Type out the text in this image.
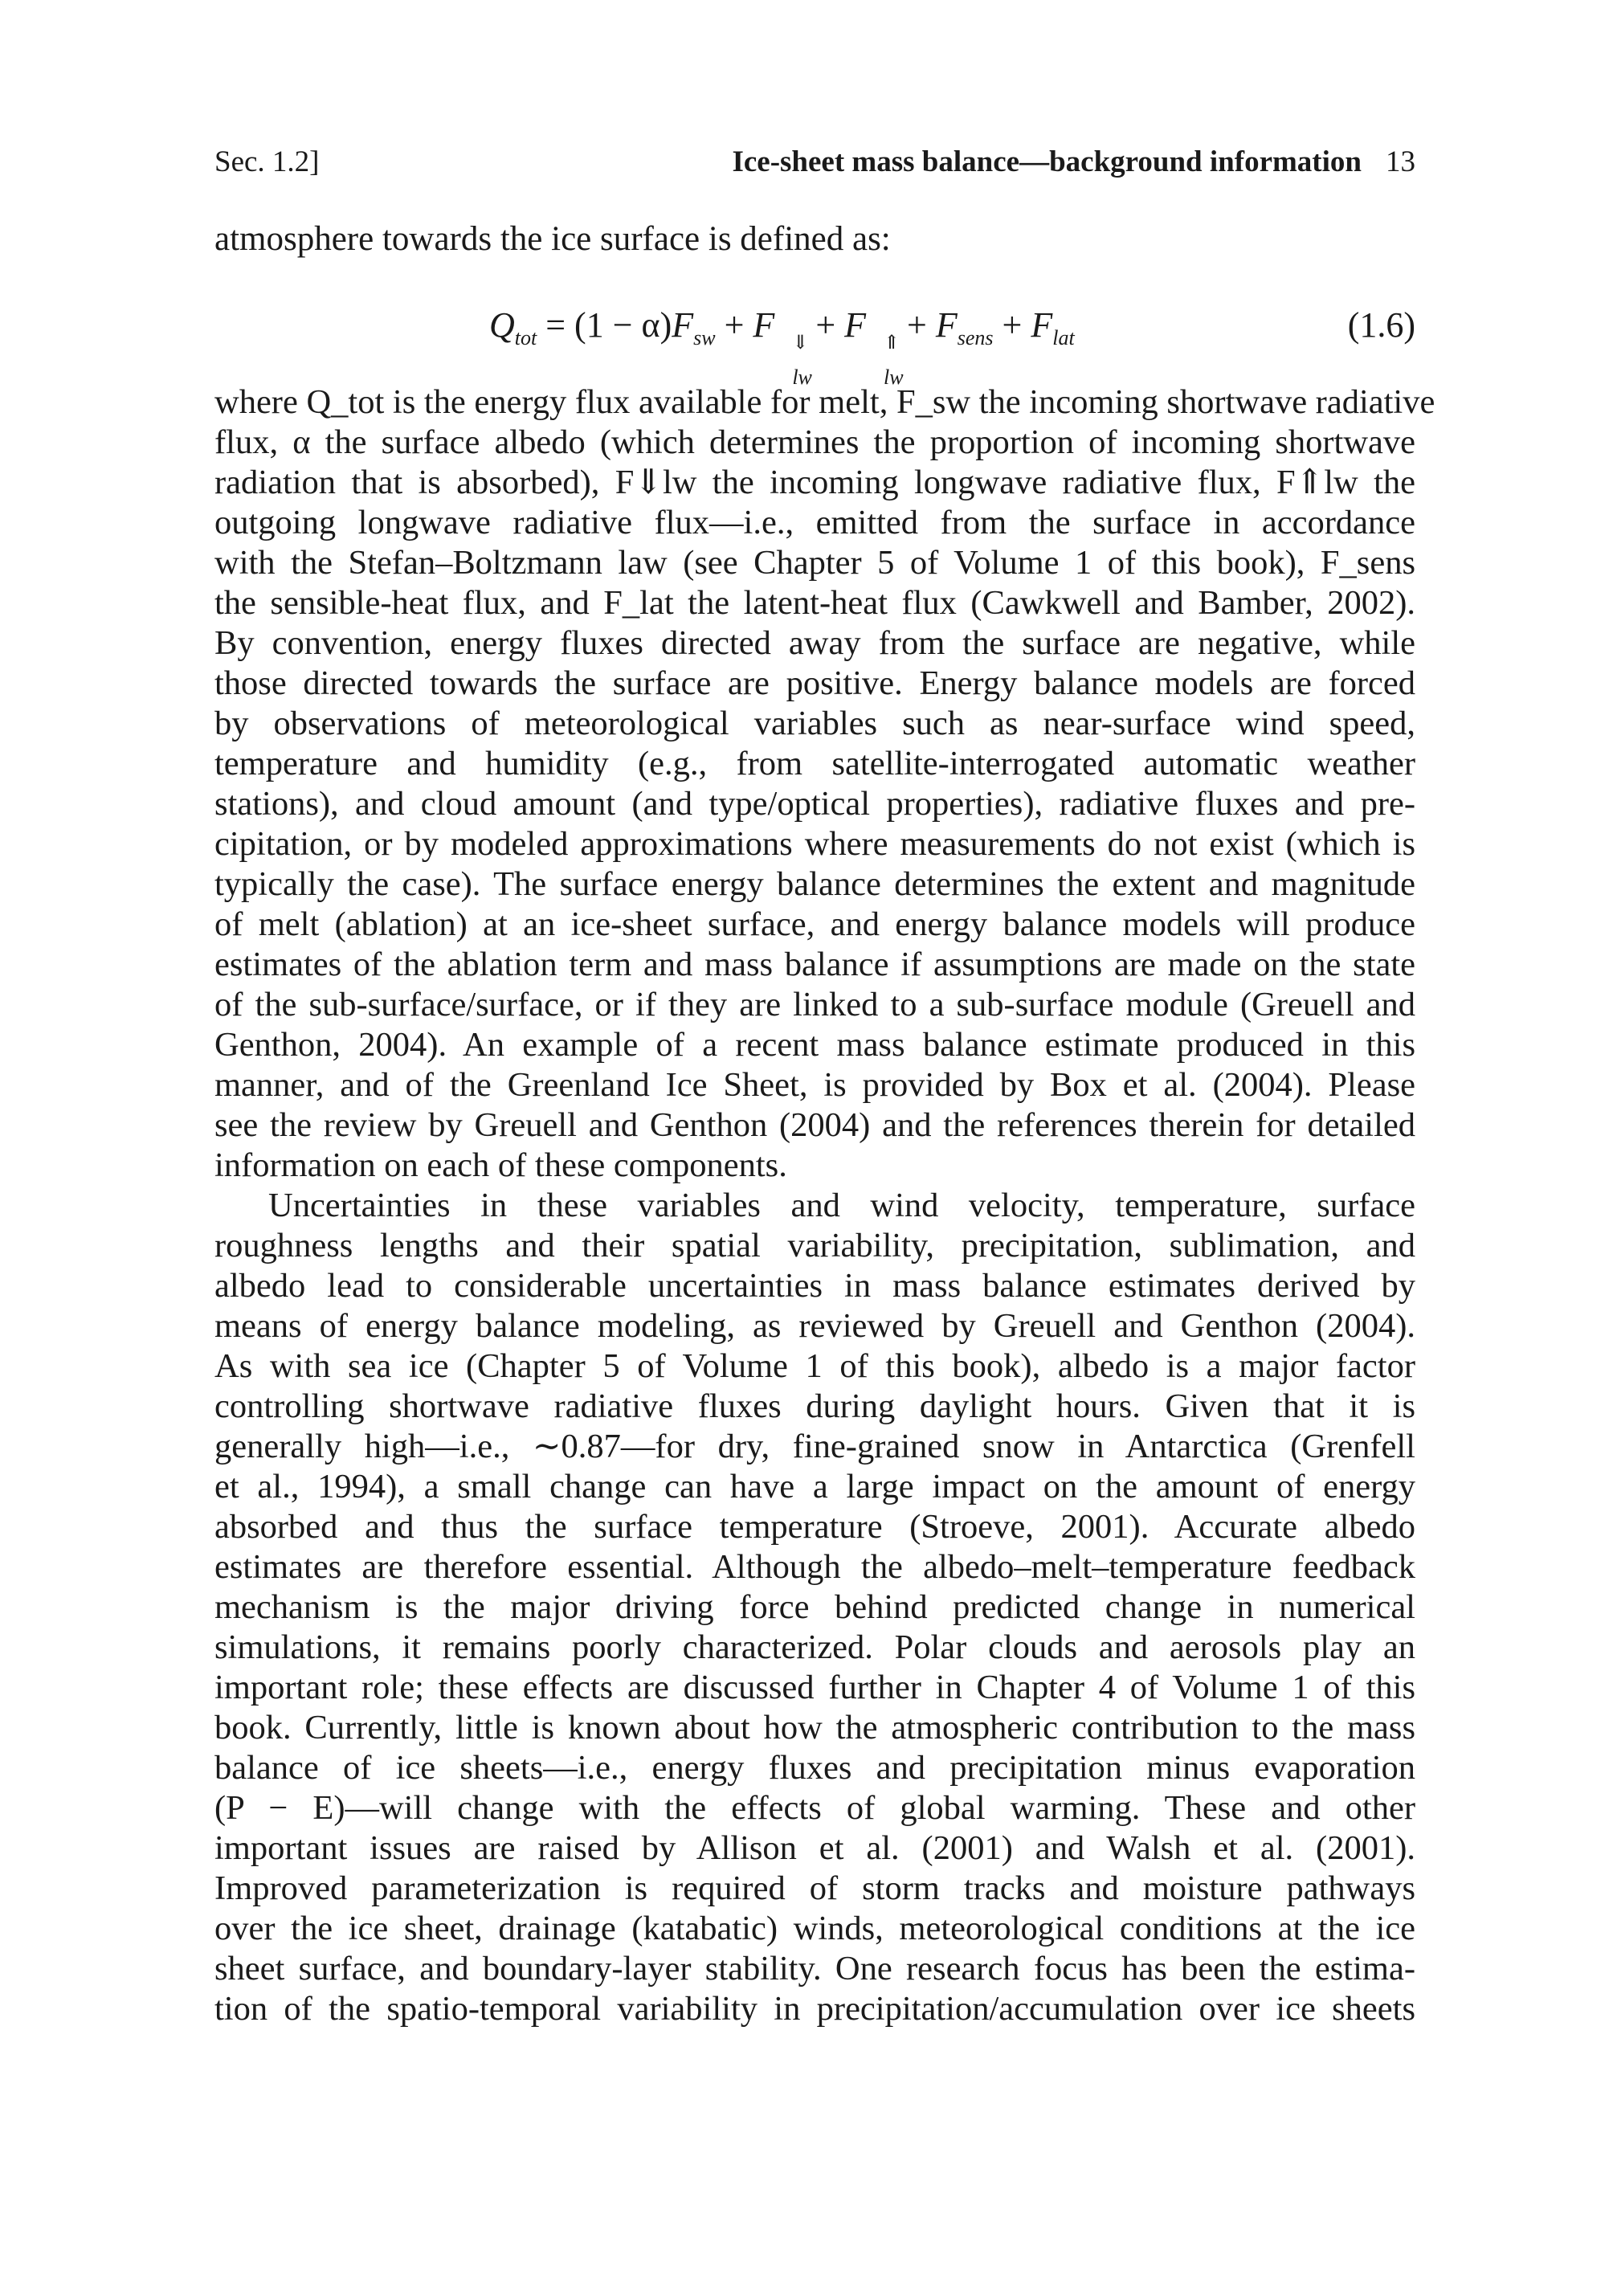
Sec. 1.2]	Ice-sheet mass balance—background information 13
atmosphere towards the ice surface is defined as:
$Q_{tot} = (1 - \alpha)F_{sw} + F$ ⇓
lw
+ F ⇑
lw
+ $F_{sens} + F_{lat}$	(1.6)
where Q_tot is the energy flux available for melt, F_sw the incoming shortwave radiative
flux, α the surface albedo (which determines the proportion of incoming shortwave
radiation that is absorbed), F⇓lw the incoming longwave radiative flux, F⇑lw the
outgoing longwave radiative flux—i.e., emitted from the surface in accordance
with the Stefan–Boltzmann law (see Chapter 5 of Volume 1 of this book), F_sens
the sensible-heat flux, and F_lat the latent-heat flux (Cawkwell and Bamber, 2002).
By convention, energy fluxes directed away from the surface are negative, while
those directed towards the surface are positive. Energy balance models are forced
by observations of meteorological variables such as near-surface wind speed,
temperature and humidity (e.g., from satellite-interrogated automatic weather
stations), and cloud amount (and type/optical properties), radiative fluxes and pre-
cipitation, or by modeled approximations where measurements do not exist (which is
typically the case). The surface energy balance determines the extent and magnitude
of melt (ablation) at an ice-sheet surface, and energy balance models will produce
estimates of the ablation term and mass balance if assumptions are made on the state
of the sub-surface/surface, or if they are linked to a sub-surface module (Greuell and
Genthon, 2004). An example of a recent mass balance estimate produced in this
manner, and of the Greenland Ice Sheet, is provided by Box et al. (2004). Please
see the review by Greuell and Genthon (2004) and the references therein for detailed
information on each of these components.
Uncertainties in these variables and wind velocity, temperature, surface
roughness lengths and their spatial variability, precipitation, sublimation, and
albedo lead to considerable uncertainties in mass balance estimates derived by
means of energy balance modeling, as reviewed by Greuell and Genthon (2004).
As with sea ice (Chapter 5 of Volume 1 of this book), albedo is a major factor
controlling shortwave radiative fluxes during daylight hours. Given that it is
generally high—i.e., ∼0.87—for dry, fine-grained snow in Antarctica (Grenfell
et al., 1994), a small change can have a large impact on the amount of energy
absorbed and thus the surface temperature (Stroeve, 2001). Accurate albedo
estimates are therefore essential. Although the albedo–melt–temperature feedback
mechanism is the major driving force behind predicted change in numerical
simulations, it remains poorly characterized. Polar clouds and aerosols play an
important role; these effects are discussed further in Chapter 4 of Volume 1 of this
book. Currently, little is known about how the atmospheric contribution to the mass
balance of ice sheets—i.e., energy fluxes and precipitation minus evaporation
(P − E)—will change with the effects of global warming. These and other
important issues are raised by Allison et al. (2001) and Walsh et al. (2001).
Improved parameterization is required of storm tracks and moisture pathways
over the ice sheet, drainage (katabatic) winds, meteorological conditions at the ice
sheet surface, and boundary-layer stability. One research focus has been the estima-
tion of the spatio-temporal variability in precipitation/accumulation over ice sheets
